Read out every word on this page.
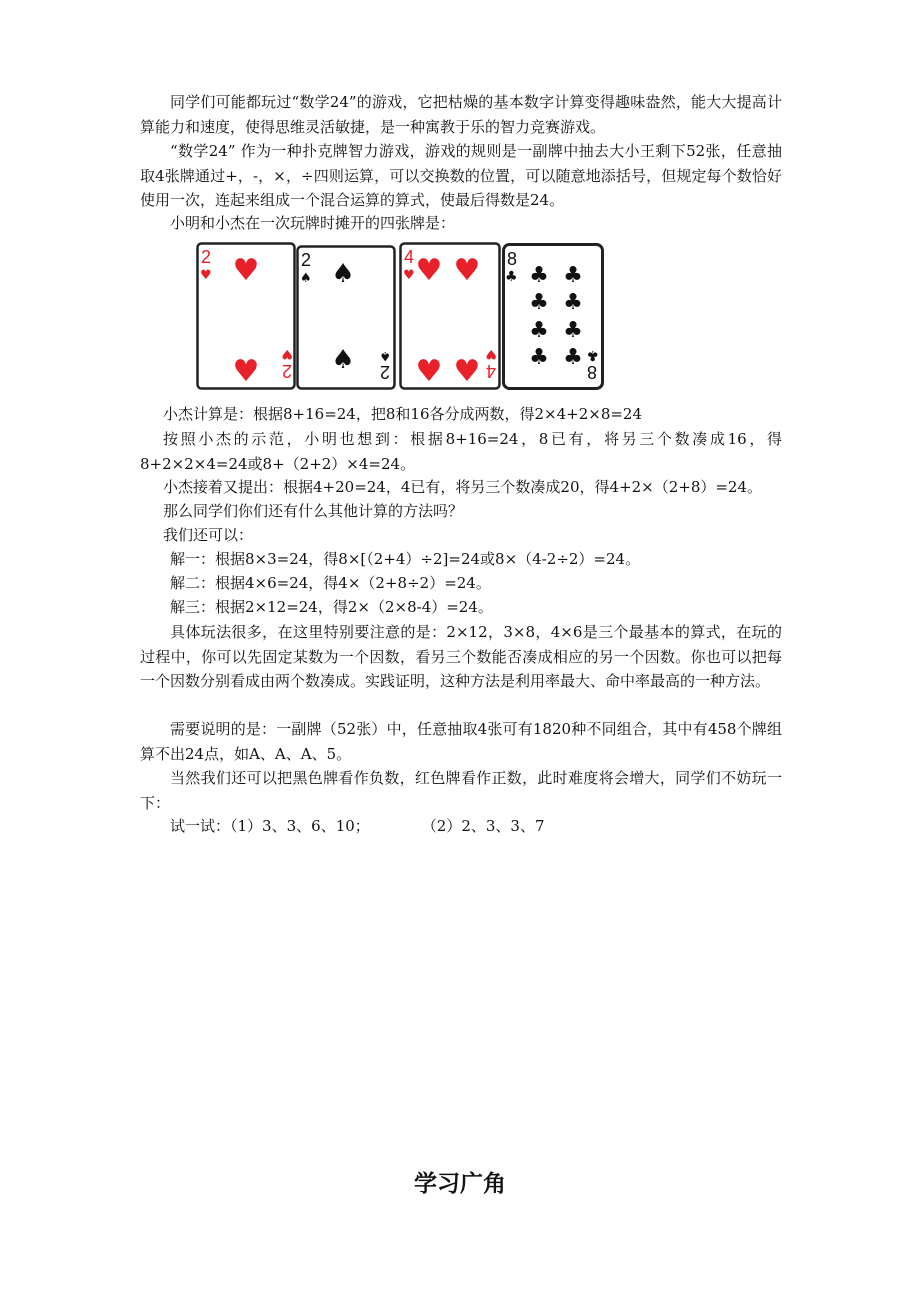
同学们可能都玩过“数学24”的游戏，它把枯燥的基本数字计算变得趣味盎然，能大大提高计算能力和速度，使得思维灵活敏捷，是一种寓教于乐的智力竞赛游戏。

“数学24” 作为一种扑克牌智力游戏，游戏的规则是一副牌中抽去大小王剩下52张，任意抽取4张牌通过+，-，×，÷四则运算，可以交换数的位置，可以随意地添括号，但规定每个数恰好使用一次，连起来组成一个混合运算的算式，使最后得数是24。

小明和小杰在一次玩牌时摊开的四张牌是：

2
♥ ♥
♥ 2
♥
2
♠ ♠
♠ 2
♠
4
♥ ♥ ♥
♥ ♥ 4
♥
8
♣ ♣ ♣
♣ ♣
♣ ♣
♣ ♣
8
♣

小杰计算是：根据8+16=24，把8和16各分成两数，得2×4+2×8=24

按照小杰的示范，小明也想到：根据8+16=24，8已有，将另三个数凑成16，得8+2×2×4=24或8+（2+2）×4=24。

小杰接着又提出：根据4+20=24，4已有，将另三个数凑成20，得4+2×（2+8）=24。

那么同学们你们还有什么其他计算的方法吗？

我们还可以：

解一：根据8×3=24，得8×[（2+4）÷2]=24或8×（4-2÷2）=24。

解二：根据4×6=24，得4×（2+8÷2）=24。

解三：根据2×12=24，得2×（2×8-4）=24。

具体玩法很多，在这里特别要注意的是：2×12，3×8，4×6是三个最基本的算式，在玩的过程中，你可以先固定某数为一个因数，看另三个数能否凑成相应的另一个因数。你也可以把每一个因数分别看成由两个数凑成。实践证明，这种方法是利用率最大、命中率最高的一种方法。

需要说明的是：一副牌（52张）中，任意抽取4张可有1820种不同组合，其中有458个牌组算不出24点，如A、A、A、5。

当然我们还可以把黑色牌看作负数，红色牌看作正数，此时难度将会增大，同学们不妨玩一下：

试一试：（1）3、3、6、10；	（2）2、3、3、7

学习广角
